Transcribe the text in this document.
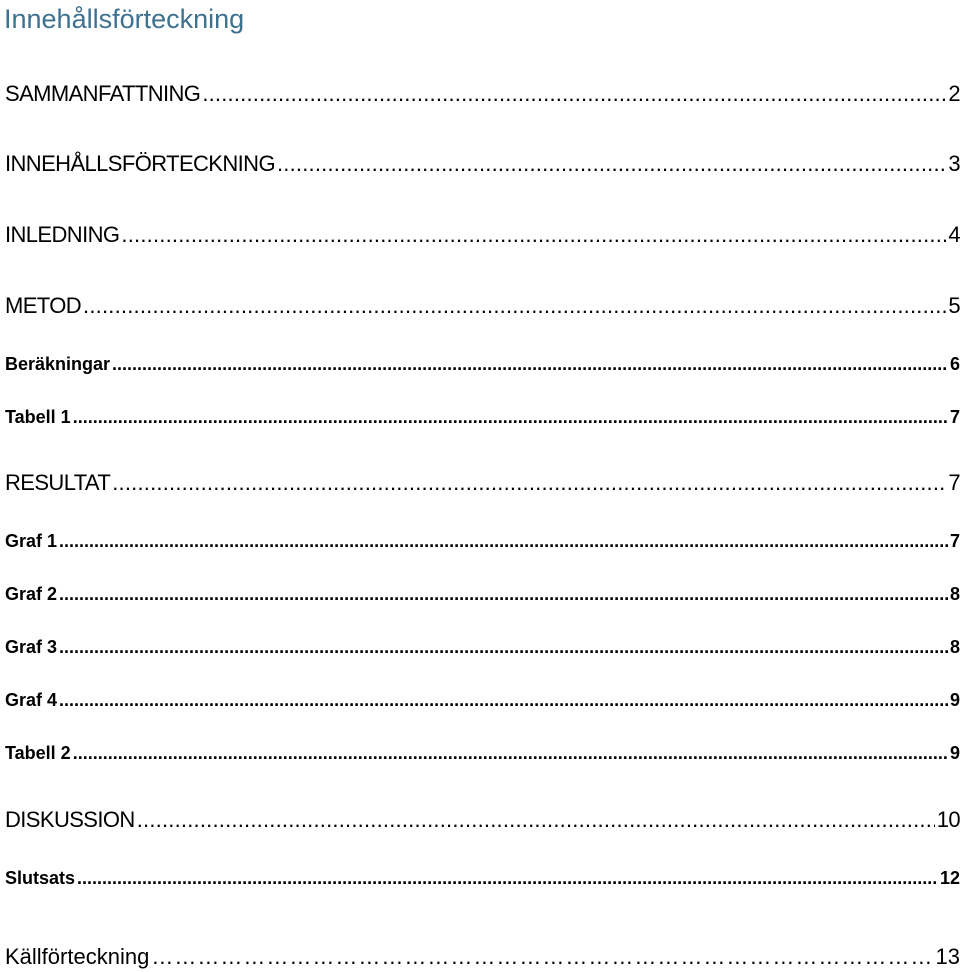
Innehållsförteckning
SAMMANFATTNING .....	2
INNEHÅLLSFÖRTECKNING .....	3
INLEDNING .....	4
METOD .....	5
Beräkningar .....	6
Tabell 1 .....	7
RESULTAT .....	7
Graf 1 .....	7
Graf 2 .....	8
Graf 3 .....	8
Graf 4 .....	9
Tabell 2 .....	9
DISKUSSION .....	10
Slutsats .....	12
Källförteckning ……………………………………………………………………………………………………………………………………………………………………………………………………………………………………	13
